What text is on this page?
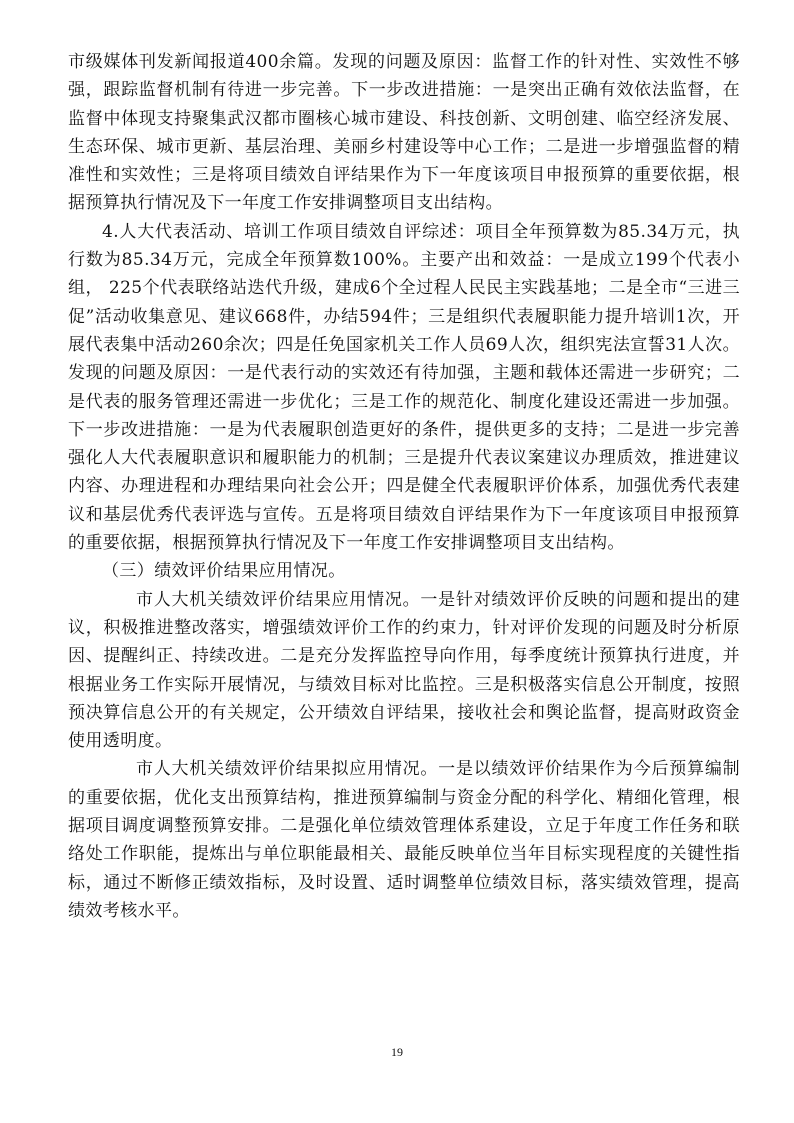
市级媒体刊发新闻报道400余篇。发现的问题及原因：监督工作的针对性、实效性不够强，跟踪监督机制有待进一步完善。下一步改进措施：一是突出正确有效依法监督，在监督中体现支持聚集武汉都市圈核心城市建设、科技创新、文明创建、临空经济发展、生态环保、城市更新、基层治理、美丽乡村建设等中心工作；二是进一步增强监督的精准性和实效性；三是将项目绩效自评结果作为下一年度该项目申报预算的重要依据，根据预算执行情况及下一年度工作安排调整项目支出结构。

4.人大代表活动、培训工作项目绩效自评综述：项目全年预算数为85.34万元，执行数为85.34万元，完成全年预算数100%。主要产出和效益：一是成立199个代表小组， 225个代表联络站迭代升级，建成6个全过程人民民主实践基地；二是全市“三进三促”活动收集意见、建议668件，办结594件；三是组织代表履职能力提升培训1次，开展代表集中活动260余次；四是任免国家机关工作人员69人次，组织宪法宣誓31人次。发现的问题及原因：一是代表行动的实效还有待加强，主题和载体还需进一步研究；二是代表的服务管理还需进一步优化；三是工作的规范化、制度化建设还需进一步加强。下一步改进措施：一是为代表履职创造更好的条件，提供更多的支持；二是进一步完善强化人大代表履职意识和履职能力的机制；三是提升代表议案建议办理质效，推进建议内容、办理进程和办理结果向社会公开；四是健全代表履职评价体系，加强优秀代表建议和基层优秀代表评选与宣传。五是将项目绩效自评结果作为下一年度该项目申报预算的重要依据，根据预算执行情况及下一年度工作安排调整项目支出结构。

（三）绩效评价结果应用情况。

市人大机关绩效评价结果应用情况。一是针对绩效评价反映的问题和提出的建议，积极推进整改落实，增强绩效评价工作的约束力，针对评价发现的问题及时分析原因、提醒纠正、持续改进。二是充分发挥监控导向作用，每季度统计预算执行进度，并根据业务工作实际开展情况，与绩效目标对比监控。三是积极落实信息公开制度，按照预决算信息公开的有关规定，公开绩效自评结果，接收社会和舆论监督，提高财政资金使用透明度。

市人大机关绩效评价结果拟应用情况。一是以绩效评价结果作为今后预算编制的重要依据，优化支出预算结构，推进预算编制与资金分配的科学化、精细化管理，根据项目调度调整预算安排。二是强化单位绩效管理体系建设，立足于年度工作任务和联络处工作职能，提炼出与单位职能最相关、最能反映单位当年目标实现程度的关键性指标，通过不断修正绩效指标，及时设置、适时调整单位绩效目标，落实绩效管理，提高绩效考核水平。

19
